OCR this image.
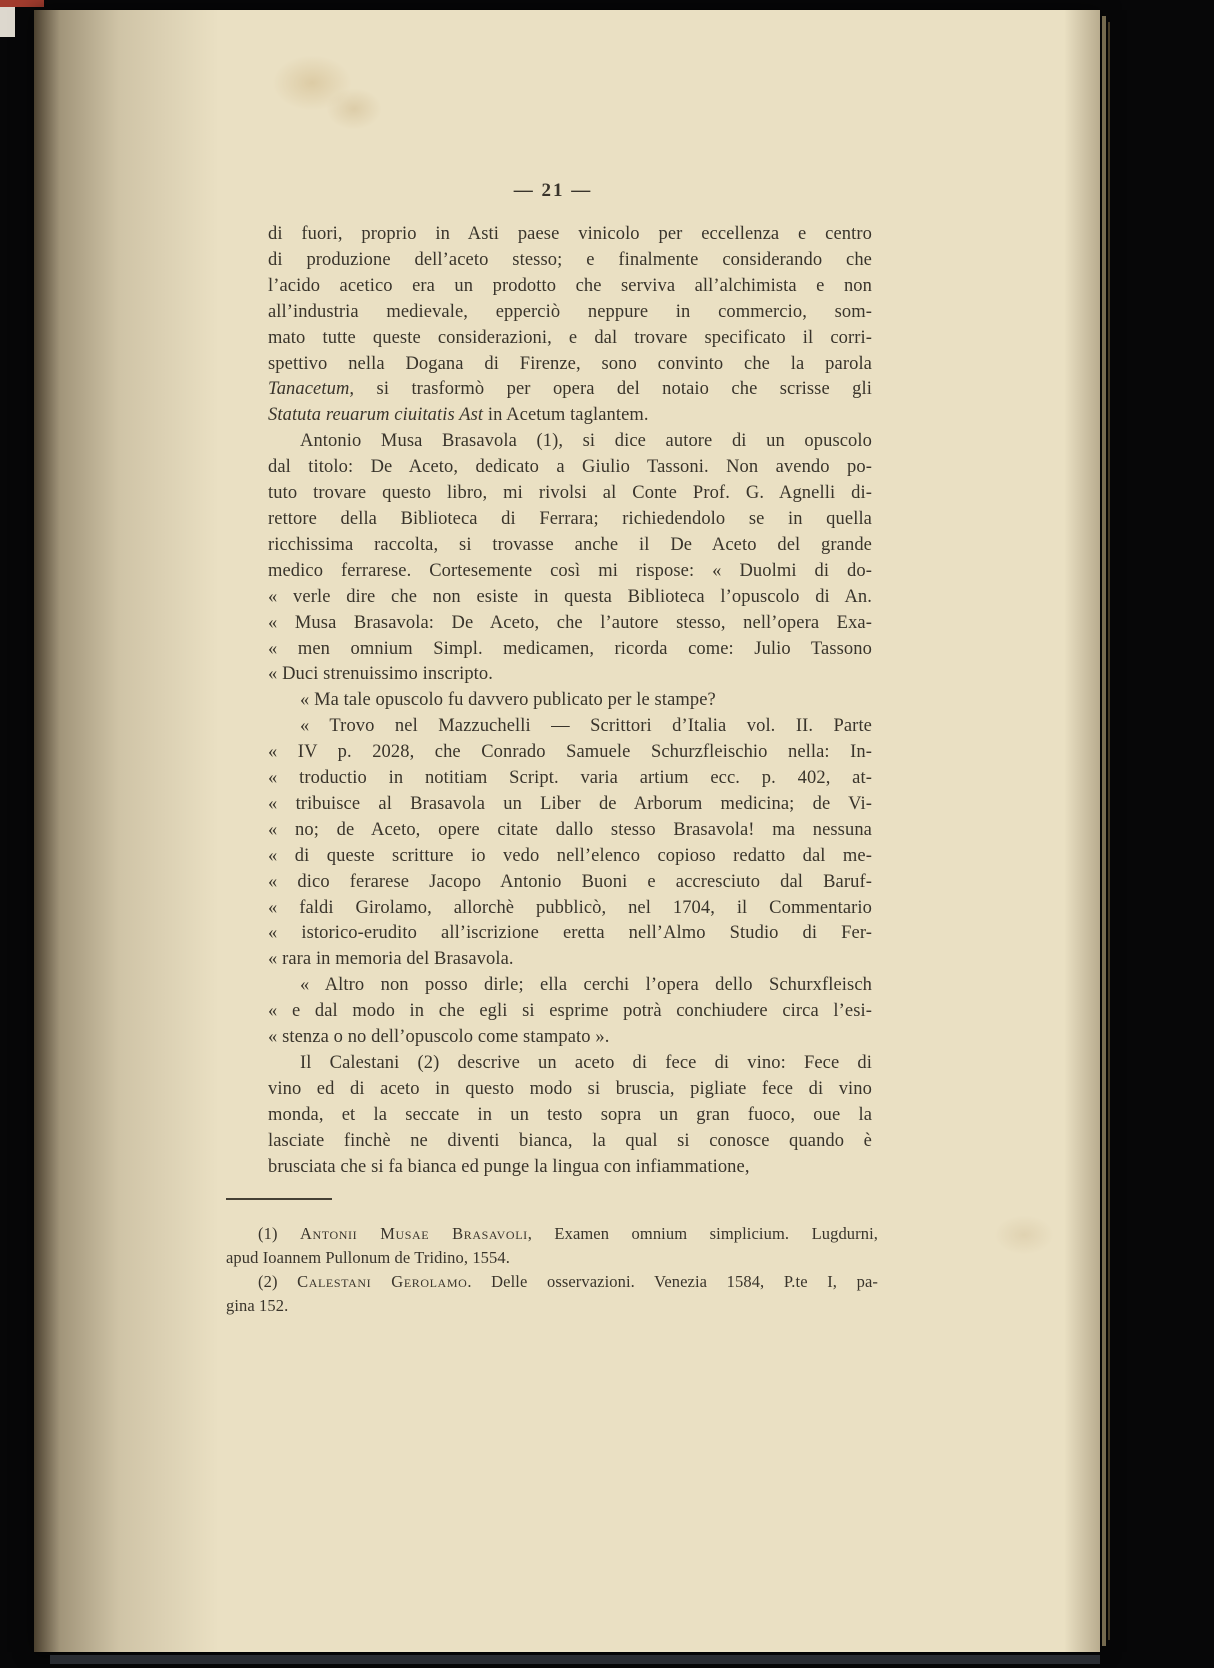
— 21 —
di fuori, proprio in Asti paese vinicolo per eccellenza e centro
di produzione dell’aceto stesso; e finalmente considerando che
l’acido acetico era un prodotto che serviva all’alchimista e non
all’industria medievale, epperciò neppure in commercio, som-
mato tutte queste considerazioni, e dal trovare specificato il corri-
spettivo nella Dogana di Firenze, sono convinto che la parola
Tanacetum, si trasformò per opera del notaio che scrisse gli
Statuta reuarum ciuitatis Ast in Acetum taglantem.
Antonio Musa Brasavola (1), si dice autore di un opuscolo
dal titolo: De Aceto, dedicato a Giulio Tassoni. Non avendo po-
tuto trovare questo libro, mi rivolsi al Conte Prof. G. Agnelli di-
rettore della Biblioteca di Ferrara; richiedendolo se in quella
ricchissima raccolta, si trovasse anche il De Aceto del grande
medico ferrarese. Cortesemente così mi rispose: « Duolmi di do-
« verle dire che non esiste in questa Biblioteca l’opuscolo di An.
« Musa Brasavola: De Aceto, che l’autore stesso, nell’opera Exa-
« men omnium Simpl. medicamen, ricorda come: Julio Tassono
« Duci strenuissimo inscripto.
« Ma tale opuscolo fu davvero publicato per le stampe?
« Trovo nel Mazzuchelli — Scrittori d’Italia vol. II. Parte
« IV p. 2028, che Conrado Samuele Schurzfleischio nella: In-
« troductio in notitiam Script. varia artium ecc. p. 402, at-
« tribuisce al Brasavola un Liber de Arborum medicina; de Vi-
« no; de Aceto, opere citate dallo stesso Brasavola! ma nessuna
« di queste scritture io vedo nell’elenco copioso redatto dal me-
« dico ferarese Jacopo Antonio Buoni e accresciuto dal Baruf-
« faldi Girolamo, allorchè pubblicò, nel 1704, il Commentario
« istorico-erudito all’iscrizione eretta nell’Almo Studio di Fer-
« rara in memoria del Brasavola.
« Altro non posso dirle; ella cerchi l’opera dello Schurxfleisch
« e dal modo in che egli si esprime potrà conchiudere circa l’esi-
« stenza o no dell’opuscolo come stampato ».
Il Calestani (2) descrive un aceto di fece di vino: Fece di
vino ed di aceto in questo modo si bruscia, pigliate fece di vino
monda, et la seccate in un testo sopra un gran fuoco, oue la
lasciate finchè ne diventi bianca, la qual si conosce quando è
brusciata che si fa bianca ed punge la lingua con infiammatione,
(1) Antonii Musae Brasavoli, Examen omnium simplicium. Lugdurni,
apud Ioannem Pullonum de Tridino, 1554.
(2) Calestani Gerolamo. Delle osservazioni. Venezia 1584, P.te I, pa-
gina 152.
